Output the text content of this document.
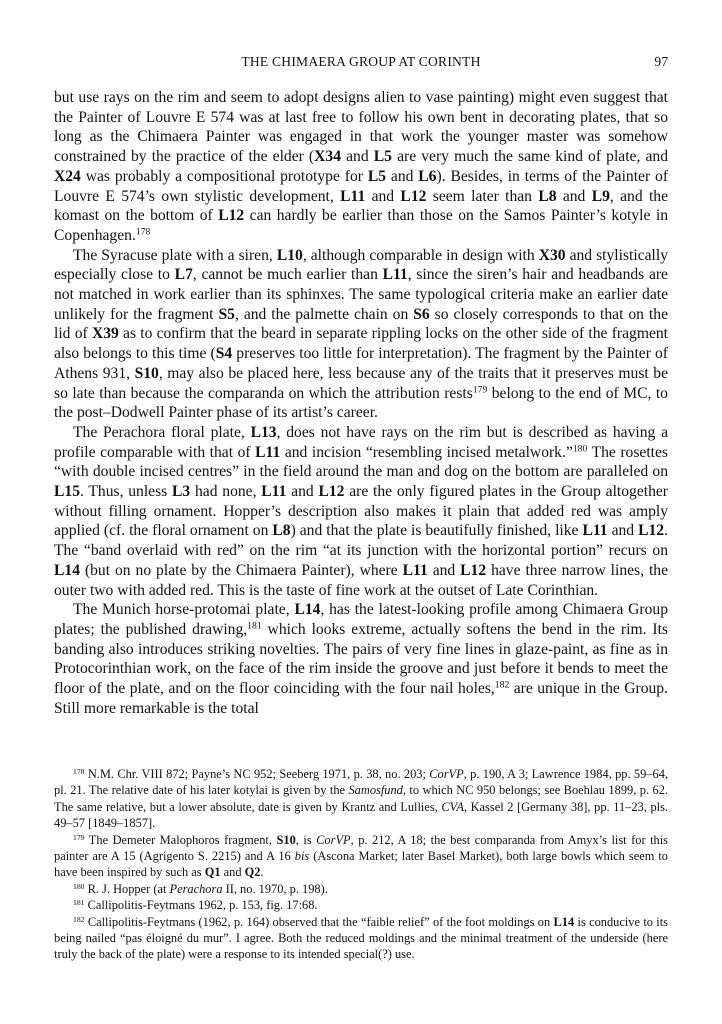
THE CHIMAERA GROUP AT CORINTH	97

but use rays on the rim and seem to adopt designs alien to vase painting) might even suggest that the Painter of Louvre E 574 was at last free to follow his own bent in decorating plates, that so long as the Chimaera Painter was engaged in that work the younger master was somehow constrained by the practice of the elder (X34 and L5 are very much the same kind of plate, and X24 was probably a compositional prototype for L5 and L6). Besides, in terms of the Painter of Louvre E 574’s own stylistic development, L11 and L12 seem later than L8 and L9, and the komast on the bottom of L12 can hardly be earlier than those on the Samos Painter’s kotyle in Copenhagen.$^{178}$

The Syracuse plate with a siren, L10, although comparable in design with X30 and stylistically especially close to L7, cannot be much earlier than L11, since the siren’s hair and headbands are not matched in work earlier than its sphinxes. The same typological criteria make an earlier date unlikely for the fragment S5, and the palmette chain on S6 so closely corresponds to that on the lid of X39 as to confirm that the beard in separate rippling locks on the other side of the fragment also belongs to this time (S4 preserves too little for interpretation). The fragment by the Painter of Athens 931, S10, may also be placed here, less because any of the traits that it preserves must be so late than because the comparanda on which the attribution rests$^{179}$ belong to the end of MC, to the post–Dodwell Painter phase of its artist’s career.

The Perachora floral plate, L13, does not have rays on the rim but is described as having a profile comparable with that of L11 and incision “resembling incised metalwork.”$^{180}$ The rosettes “with double incised centres” in the field around the man and dog on the bottom are paralleled on L15. Thus, unless L3 had none, L11 and L12 are the only figured plates in the Group altogether without filling ornament. Hopper’s description also makes it plain that added red was amply applied (cf. the floral ornament on L8) and that the plate is beautifully finished, like L11 and L12. The “band overlaid with red” on the rim “at its junction with the horizontal portion” recurs on L14 (but on no plate by the Chimaera Painter), where L11 and L12 have three narrow lines, the outer two with added red. This is the taste of fine work at the outset of Late Corinthian.

The Munich horse-protomai plate, L14, has the latest-looking profile among Chimaera Group plates; the published drawing,$^{181}$ which looks extreme, actually softens the bend in the rim. Its banding also introduces striking novelties. The pairs of very fine lines in glaze-paint, as fine as in Protocorinthian work, on the face of the rim inside the groove and just before it bends to meet the floor of the plate, and on the floor coinciding with the four nail holes,$^{182}$ are unique in the Group. Still more remarkable is the total

$^{178}$ N.M. Chr. VIII 872; Payne’s NC 952; Seeberg 1971, p. 38, no. 203; CorVP, p. 190, A 3; Lawrence 1984, pp. 59–64, pl. 21. The relative date of his later kotylai is given by the Samosfund, to which NC 950 belongs; see Boehlau 1899, p. 62. The same relative, but a lower absolute, date is given by Krantz and Lullies, CVA, Kassel 2 [Germany 38], pp. 11–23, pls. 49–57 [1849–1857].

$^{179}$ The Demeter Malophoros fragment, S10, is CorVP, p. 212, A 18; the best comparanda from Amyx’s list for this painter are A 15 (Agrigento S. 2215) and A 16 bis (Ascona Market; later Basel Market), both large bowls which seem to have been inspired by such as Q1 and Q2.

$^{180}$ R. J. Hopper (at Perachora II, no. 1970, p. 198).

$^{181}$ Callipolitis-Feytmans 1962, p. 153, fig. 17:68.

$^{182}$ Callipolitis-Feytmans (1962, p. 164) observed that the “faible relief” of the foot moldings on L14 is conducive to its being nailed “pas éloigné du mur”. I agree. Both the reduced moldings and the minimal treatment of the underside (here truly the back of the plate) were a response to its intended special(?) use.
